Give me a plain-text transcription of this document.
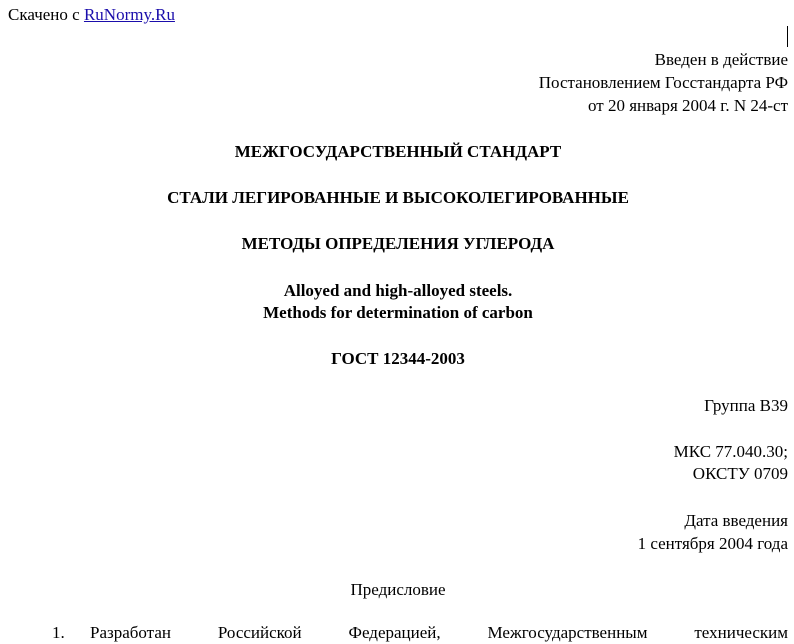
Скачено с RuNormy.Ru
Введен в действие
Постановлением Госстандарта РФ
от 20 января 2004 г. N 24-ст
МЕЖГОСУДАРСТВЕННЫЙ СТАНДАРТ
СТАЛИ ЛЕГИРОВАННЫЕ И ВЫСОКОЛЕГИРОВАННЫЕ
МЕТОДЫ ОПРЕДЕЛЕНИЯ УГЛЕРОДА
Alloyed and high-alloyed steels.
Methods for determination of carbon
ГОСТ 12344-2003
Группа В39
МКС 77.040.30;
ОКСТУ 0709
Дата введения
1 сентября 2004 года
Предисловие
1. Разработан Российской Федерацией, Межгосударственным техническим
